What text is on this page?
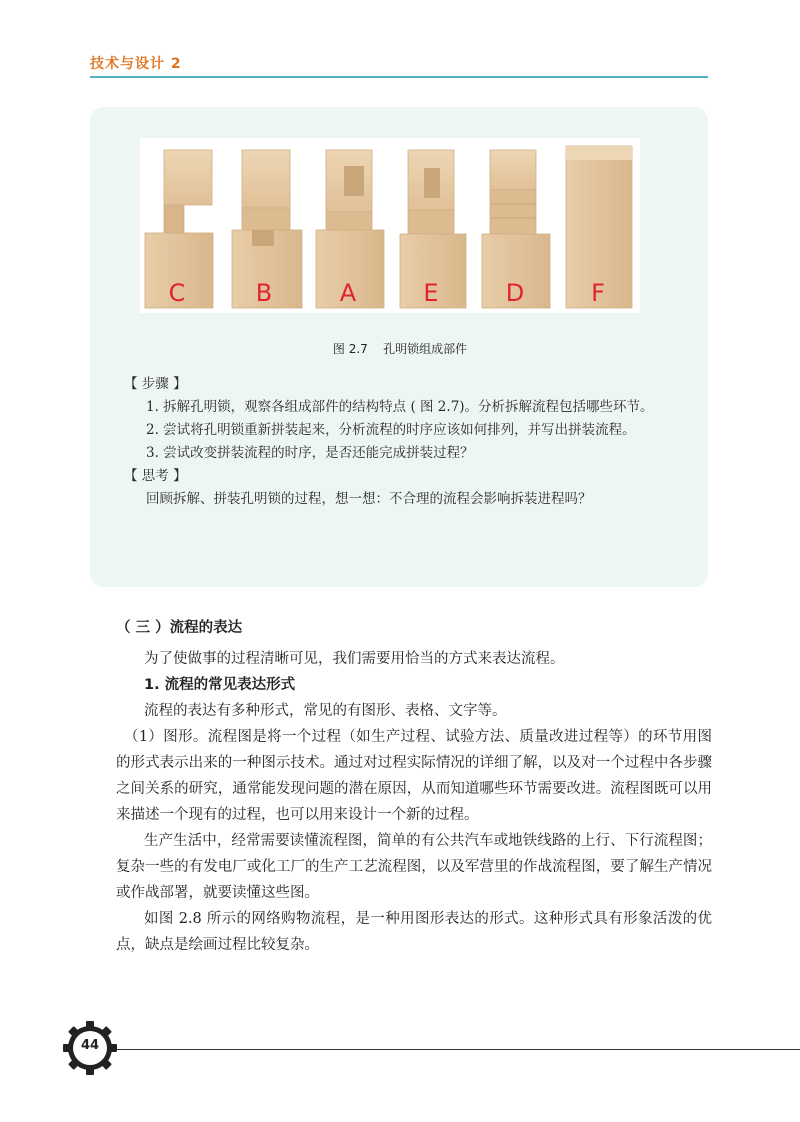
技术与设计 2
C	B	A	E	D	F
图 2.7    孔明锁组成部件

【 步骤 】

1. 拆解孔明锁，观察各组成部件的结构特点 ( 图 2.7)。分析拆解流程包括哪些环节。

2. 尝试将孔明锁重新拼装起来，分析流程的时序应该如何排列，并写出拼装流程。

3. 尝试改变拼装流程的时序，是否还能完成拼装过程？

【 思考 】

回顾拆解、拼装孔明锁的过程，想一想：不合理的流程会影响拆装进程吗？

（ 三 ）流程的表达

为了使做事的过程清晰可见，我们需要用恰当的方式来表达流程。

1. 流程的常见表达形式

流程的表达有多种形式，常见的有图形、表格、文字等。

（1）图形。流程图是将一个过程（如生产过程、试验方法、质量改进过程等）的环节用图的形式表示出来的一种图示技术。通过对过程实际情况的详细了解，以及对一个过程中各步骤之间关系的研究，通常能发现问题的潜在原因，从而知道哪些环节需要改进。流程图既可以用来描述一个现有的过程，也可以用来设计一个新的过程。

生产生活中，经常需要读懂流程图，简单的有公共汽车或地铁线路的上行、下行流程图；复杂一些的有发电厂或化工厂的生产工艺流程图，以及军营里的作战流程图，要了解生产情况或作战部署，就要读懂这些图。

如图 2.8 所示的网络购物流程，是一种用图形表达的形式。这种形式具有形象活泼的优点，缺点是绘画过程比较复杂。

44
